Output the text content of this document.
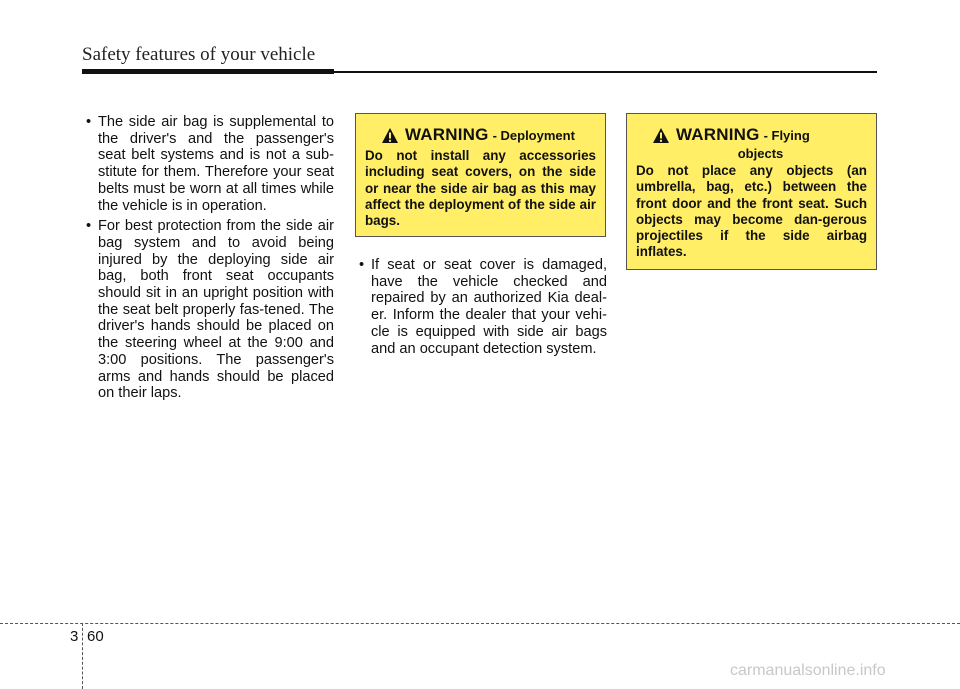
Safety features of your vehicle
• The side air bag is supplemental to the driver's and the passenger's seat belt systems and is not a sub-stitute for them. Therefore your seat belts must be worn at all times while the vehicle is in operation.
• For best protection from the side air bag system and to avoid being injured by the deploying side air bag, both front seat occupants should sit in an upright position with the seat belt properly fas-tened. The driver's hands should be placed on the steering wheel at the 9:00 and 3:00 positions. The passenger's arms and hands should be placed on their laps.
WARNING - Deployment
Do not install any accessories including seat covers, on the side or near the side air bag as this may affect the deployment of the side air bags.
• If seat or seat cover is damaged, have the vehicle checked and repaired by an authorized Kia deal-er. Inform the dealer that your vehi-cle is equipped with side air bags and an occupant detection system.
WARNING - Flying
objects
Do not place any objects (an umbrella, bag, etc.) between the front door and the front seat. Such objects may become dan-gerous projectiles if the side airbag inflates.
3 60
carmanualsonline.info
